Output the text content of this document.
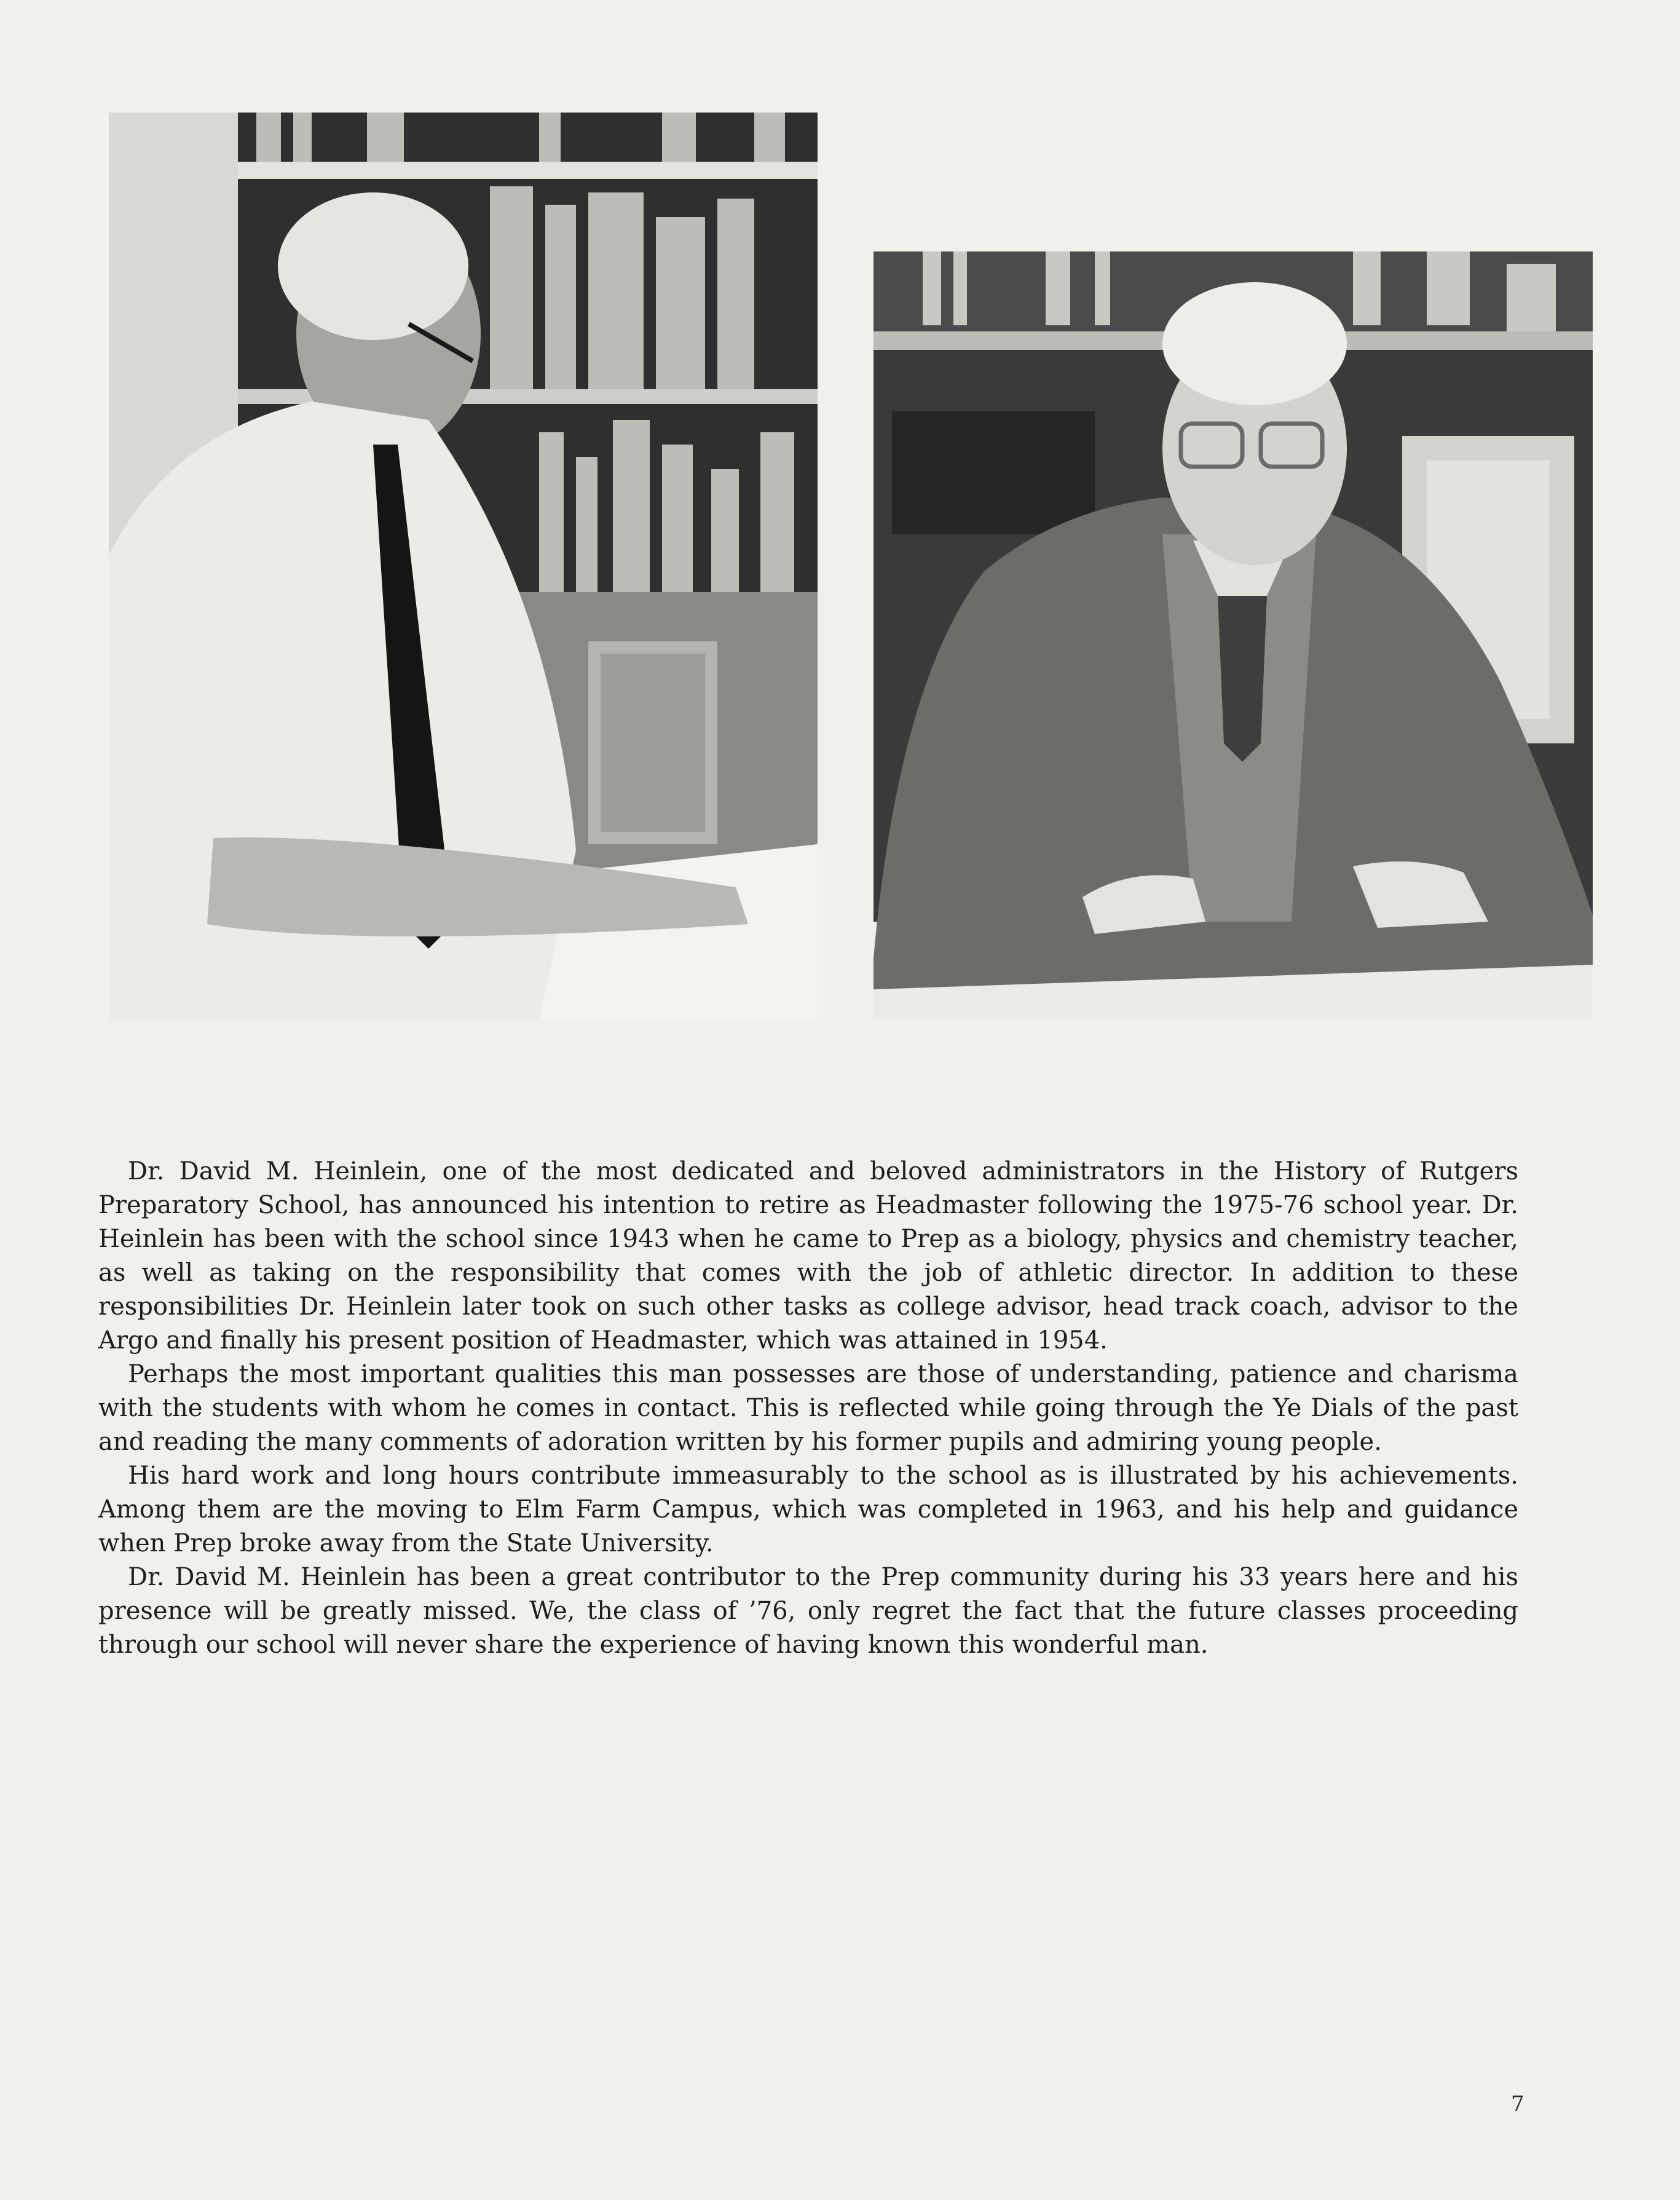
Dr. David M. Heinlein, one of the most dedicated and beloved administrators in the History of Rutgers Preparatory School, has announced his intention to retire as Headmaster following the 1975-76 school year. Dr. Heinlein has been with the school since 1943 when he came to Prep as a biology, physics and chemistry teacher, as well as taking on the responsibility that comes with the job of athletic director. In addition to these responsibilities Dr. Heinlein later took on such other tasks as college advisor, head track coach, advisor to the Argo and finally his present position of Headmaster, which was attained in 1954.

Perhaps the most important qualities this man possesses are those of understanding, patience and charisma with the students with whom he comes in contact. This is reflected while going through the Ye Dials of the past and reading the many comments of adoration written by his former pupils and admiring young people.

His hard work and long hours contribute immeasurably to the school as is illustrated by his achievements. Among them are the moving to Elm Farm Campus, which was completed in 1963, and his help and guidance when Prep broke away from the State University.

Dr. David M. Heinlein has been a great contributor to the Prep community during his 33 years here and his presence will be greatly missed. We, the class of ’76, only regret the fact that the future classes proceeding through our school will never share the experience of having known this wonderful man.

7
